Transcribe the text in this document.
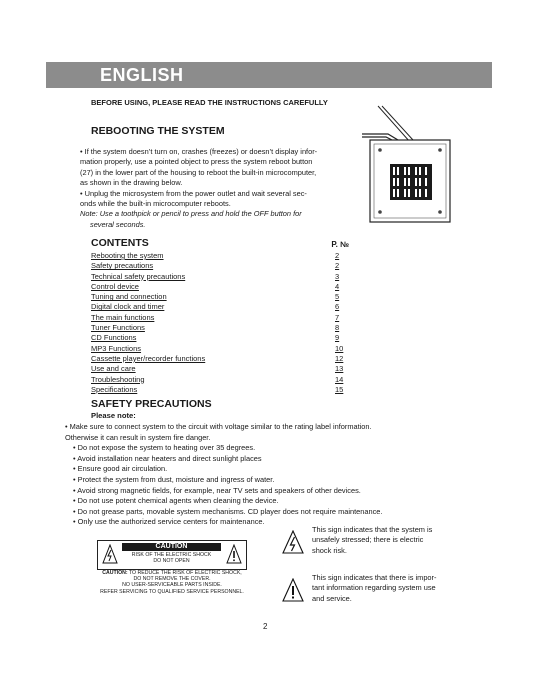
ENGLISH
BEFORE USING, PLEASE READ THE INSTRUCTIONS CAREFULLY
REBOOTING THE SYSTEM

• If the system doesn’t turn on, crashes (freezes) or doesn’t display infor-

mation properly, use a pointed object to press the system reboot button

(27) in the lower part of the housing to reboot the built-in microcomputer,

as shown in the drawing below.

• Unplug the microsystem from the power outlet and wait several sec-

onds while the built-in microcomputer reboots.

Note: Use a toothpick or pencil to press and hold the OFF button for

several seconds.

CONTENTS	P. №
Rebooting the system	2
Safety precautions	2
Technical safety precautions	3
Control device	4
Tuning and connection	5
Digital clock and timer	6
The main functions	7
Tuner Functions	8
CD Functions	9
MP3 Functions	10
Cassette player/recorder functions	12
Use and care	13
Troubleshooting	14
Specifications	15
SAFETY PRECAUTIONS
Please note:
• Make sure to connect system to the circuit with voltage similar to the rating label information.
Otherwise it can result in system fire danger.
• Do not expose the system to heating over 35 degrees.
• Avoid installation near heaters and direct sunlight places
• Ensure good air circulation.
• Protect the system from dust, moisture and ingress of water.
• Avoid strong magnetic fields, for example, near TV sets and speakers of other devices.
• Do not use potent chemical agents when cleaning the device.
• Do not grease parts, movable system mechanisms. CD player does not require maintenance.
• Only use the authorized service centers for maintenance.
CAUTION
RISK OF THE ELECTRIC SHOCK
DO NOT OPEN
CAUTION: TO REDUCE THE RISK OF ELECTRIC SHOCK,
DO NOT REMOVE THE COVER.
NO USER-SERVICEABLE PARTS INSIDE.
REFER SERVICING TO QUALIFIED SERVICE PERSONNEL.
This sign indicates that the system is
unsafely stressed; there is electric
shock risk.
This sign indicates that there is impor-
tant information regarding system use
and service.
2
